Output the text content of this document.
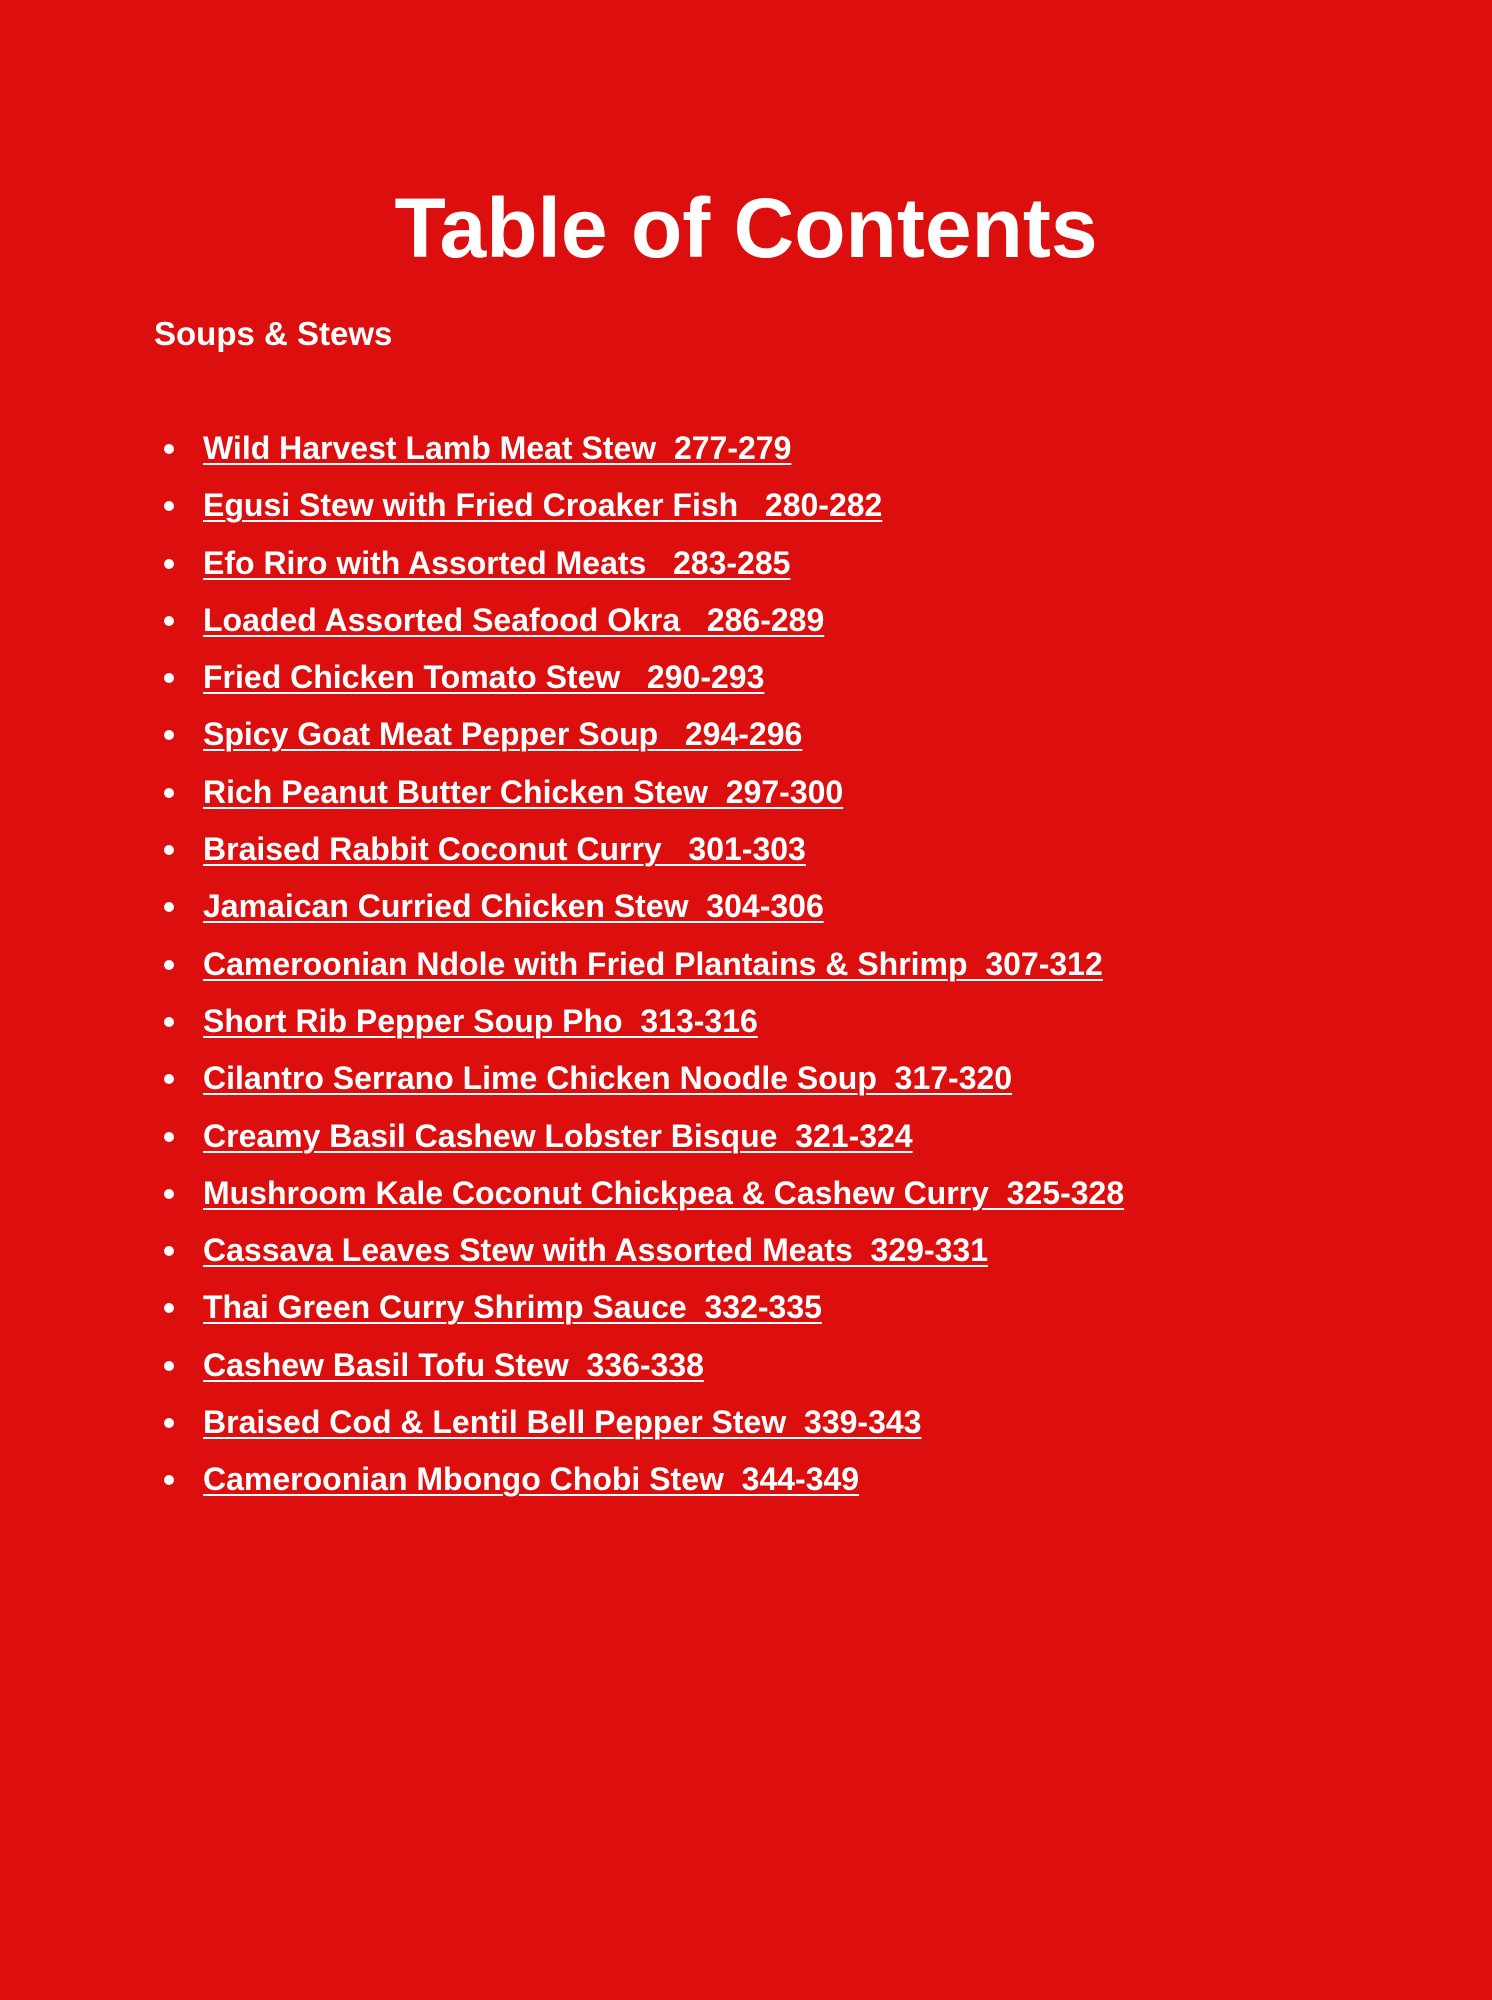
Table of Contents
Soups & Stews
Wild Harvest Lamb Meat Stew  277-279
Egusi Stew with Fried Croaker Fish   280-282
Efo Riro with Assorted Meats   283-285
Loaded Assorted Seafood Okra   286-289
Fried Chicken Tomato Stew   290-293
Spicy Goat Meat Pepper Soup   294-296
Rich Peanut Butter Chicken Stew  297-300
Braised Rabbit Coconut Curry   301-303
Jamaican Curried Chicken Stew  304-306
Cameroonian Ndole with Fried Plantains & Shrimp  307-312
Short Rib Pepper Soup Pho  313-316
Cilantro Serrano Lime Chicken Noodle Soup  317-320
Creamy Basil Cashew Lobster Bisque  321-324
Mushroom Kale Coconut Chickpea & Cashew Curry  325-328
Cassava Leaves Stew with Assorted Meats  329-331
Thai Green Curry Shrimp Sauce  332-335
Cashew Basil Tofu Stew  336-338
Braised Cod & Lentil Bell Pepper Stew  339-343
Cameroonian Mbongo Chobi Stew  344-349
